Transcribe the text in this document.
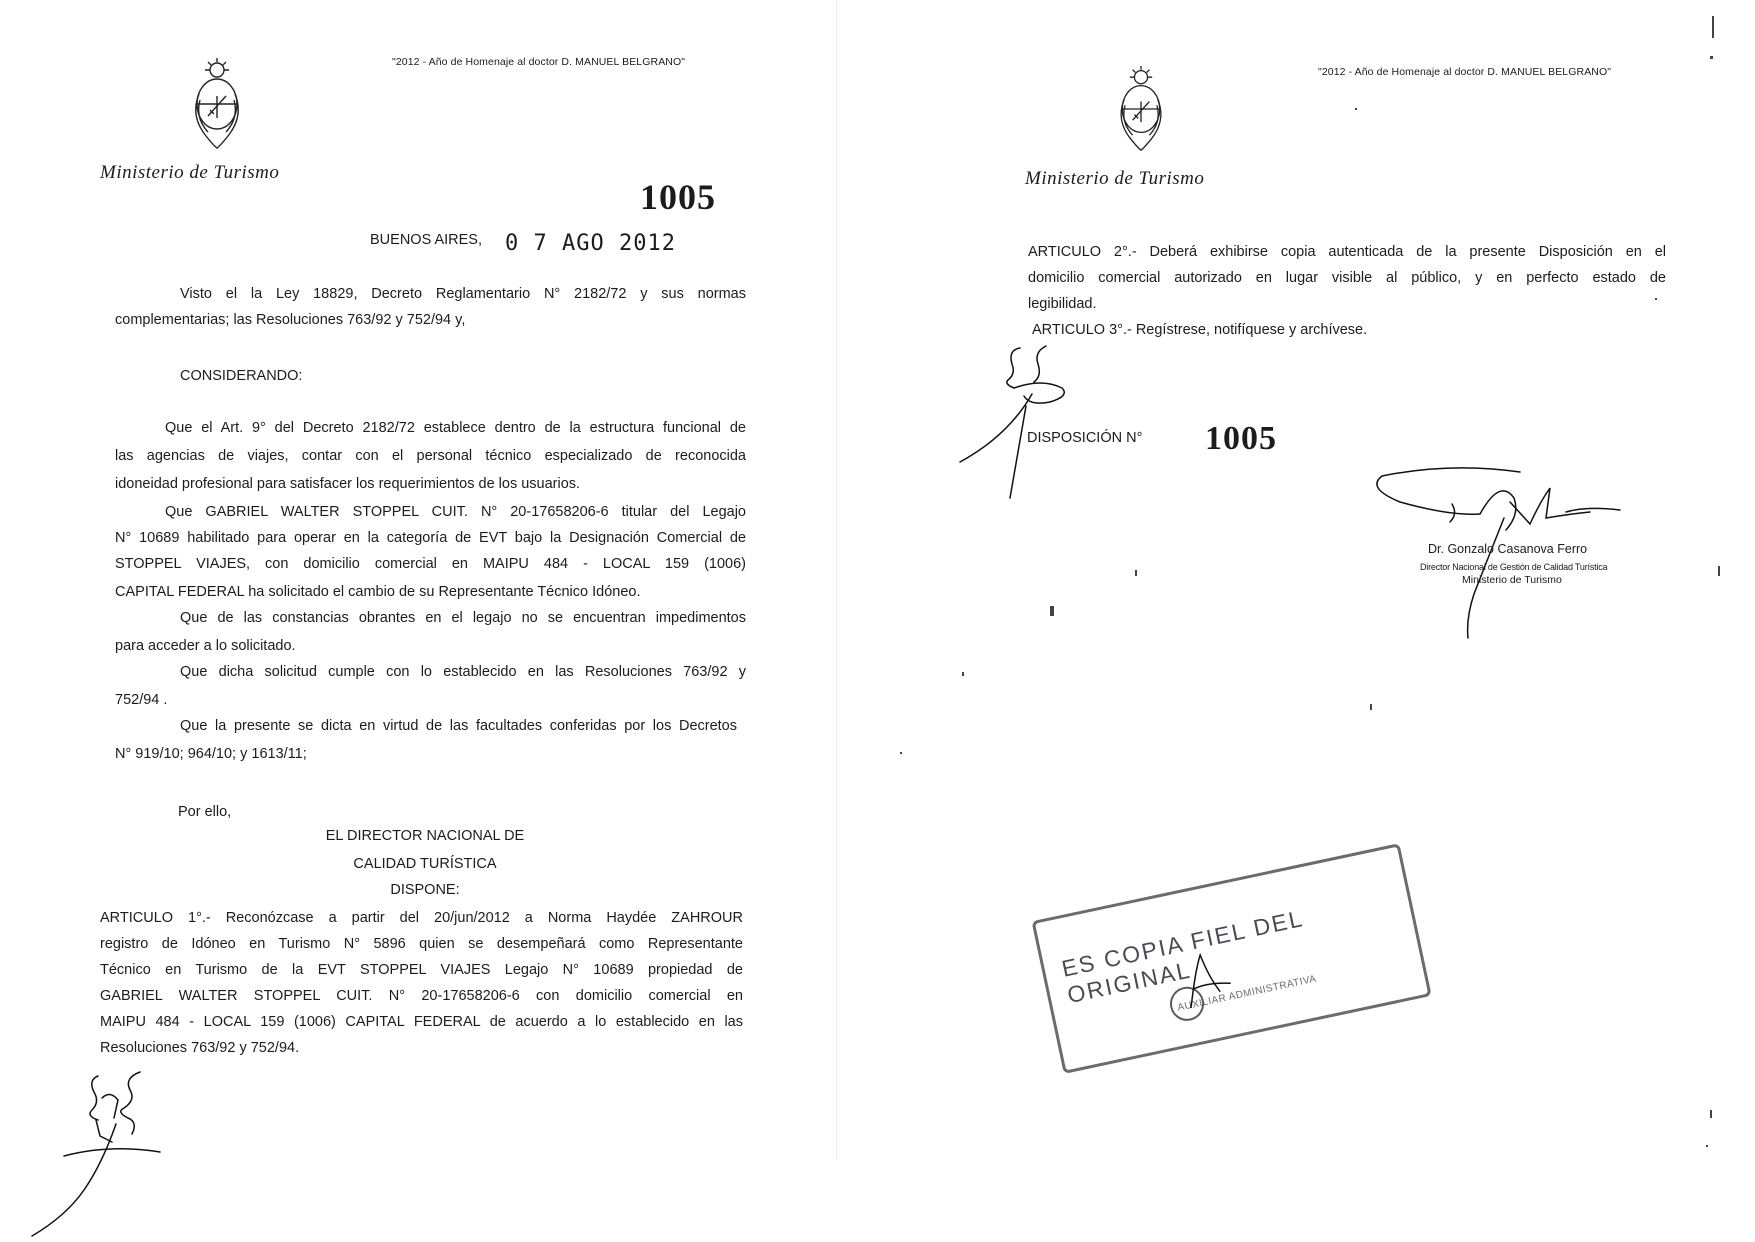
"2012 - Año de Homenaje al doctor D. MANUEL BELGRANO"
Ministerio de Turismo
1005
BUENOS AIRES, 0 7 AGO 2012
Visto el la Ley 18829, Decreto Reglamentario N° 2182/72 y sus normas
complementarias; las Resoluciones 763/92 y 752/94 y,
CONSIDERANDO:
Que el Art. 9° del Decreto 2182/72 establece dentro de la estructura funcional de
las agencias de viajes, contar con el personal técnico especializado de reconocida
idoneidad profesional para satisfacer los requerimientos de los usuarios.
Que GABRIEL WALTER STOPPEL CUIT. N° 20-17658206-6 titular del Legajo
N° 10689 habilitado para operar en la categoría de EVT bajo la Designación Comercial de
STOPPEL VIAJES, con domicilio comercial en MAIPU 484 - LOCAL 159 (1006)
CAPITAL FEDERAL ha solicitado el cambio de su Representante Técnico Idóneo.
Que de las constancias obrantes en el legajo no se encuentran impedimentos
para acceder a lo solicitado.
Que dicha solicitud cumple con lo establecido en las Resoluciones 763/92 y
752/94 .
Que la presente se dicta en virtud de las facultades conferidas por los Decretos
N° 919/10; 964/10; y 1613/11;
Por ello,
EL DIRECTOR NACIONAL DE
CALIDAD TURÍSTICA
DISPONE:
ARTICULO 1°.- Reconózcase a partir del 20/jun/2012 a Norma Haydée ZAHROUR
registro de Idóneo en Turismo N° 5896 quien se desempeñará como Representante
Técnico en Turismo de la EVT STOPPEL VIAJES Legajo N° 10689 propiedad de
GABRIEL WALTER STOPPEL CUIT. N° 20-17658206-6 con domicilio comercial en
MAIPU 484 - LOCAL 159 (1006) CAPITAL FEDERAL de acuerdo a lo establecido en las
Resoluciones 763/92 y 752/94.
"2012 - Año de Homenaje al doctor D. MANUEL BELGRANO"
Ministerio de Turismo
ARTICULO 2°.- Deberá exhibirse copia autenticada de la presente Disposición en el
domicilio comercial autorizado en lugar visible al público, y en perfecto estado de
legibilidad.
ARTICULO 3°.- Regístrese, notifíquese y archívese.
DISPOSICIÓN N° 1005
Dr. Gonzalo Casanova Ferro
Director Nacional de Gestión de Calidad Turística
Ministerio de Turismo
ES COPIA FIEL DEL ORIGINAL
AUXILIAR ADMINISTRATIVA
